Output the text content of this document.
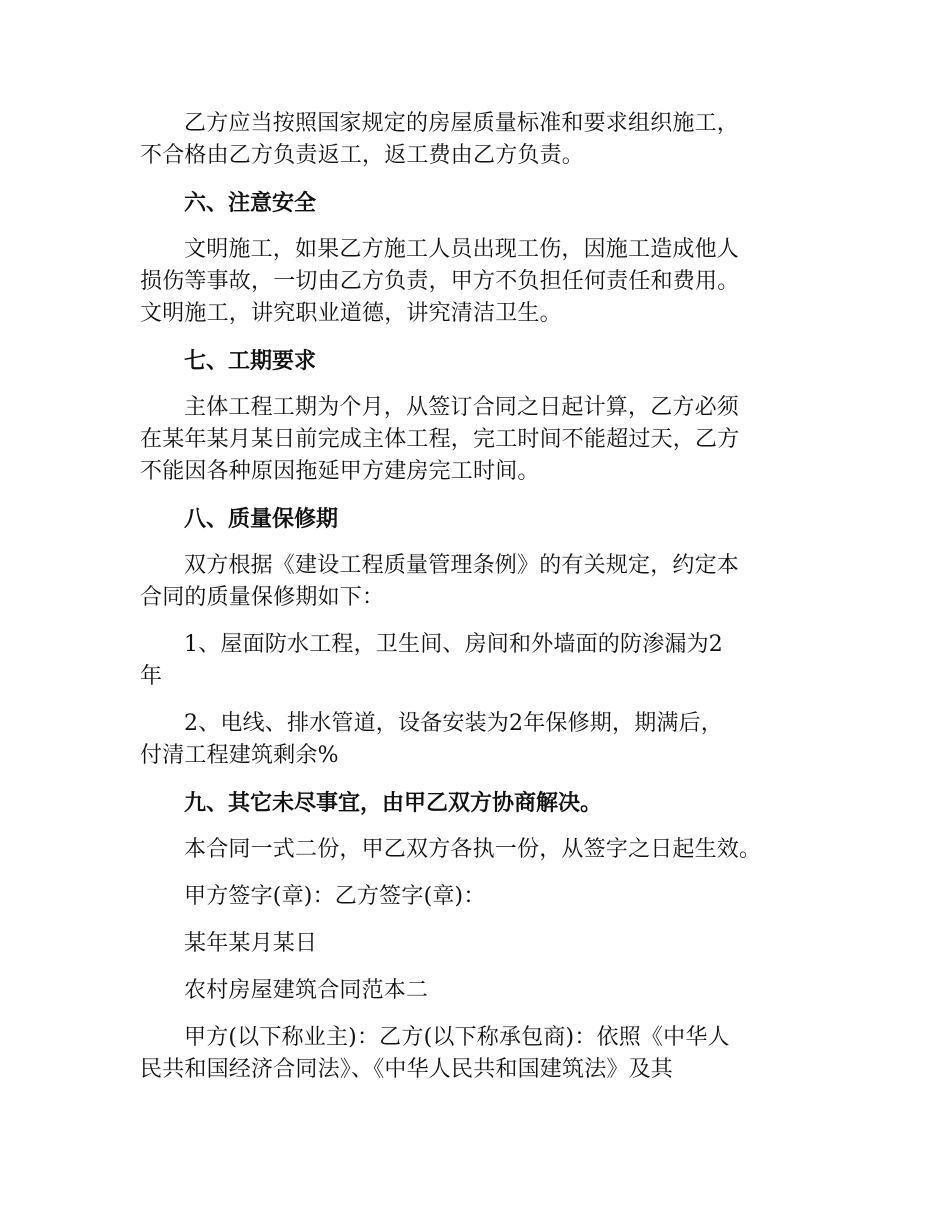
乙方应当按照国家规定的房屋质量标准和要求组织施工，
不合格由乙方负责返工，返工费由乙方负责。

六、注意安全

文明施工，如果乙方施工人员出现工伤，因施工造成他人
损伤等事故，一切由乙方负责，甲方不负担任何责任和费用。
文明施工，讲究职业道德，讲究清洁卫生。

七、工期要求

主体工程工期为个月，从签订合同之日起计算，乙方必须
在某年某月某日前完成主体工程，完工时间不能超过天，乙方
不能因各种原因拖延甲方建房完工时间。

八、质量保修期

双方根据《建设工程质量管理条例》的有关规定，约定本
合同的质量保修期如下：

1、屋面防水工程，卫生间、房间和外墙面的防渗漏为2
年

2、电线、排水管道，设备安装为2年保修期，期满后，
付清工程建筑剩余%

九、其它未尽事宜，由甲乙双方协商解决。

本合同一式二份，甲乙双方各执一份，从签字之日起生效。

甲方签字(章)：乙方签字(章)：

某年某月某日

农村房屋建筑合同范本二

甲方(以下称业主)：乙方(以下称承包商)：依照《中华人
民共和国经济合同法》、《中华人民共和国建筑法》及其
